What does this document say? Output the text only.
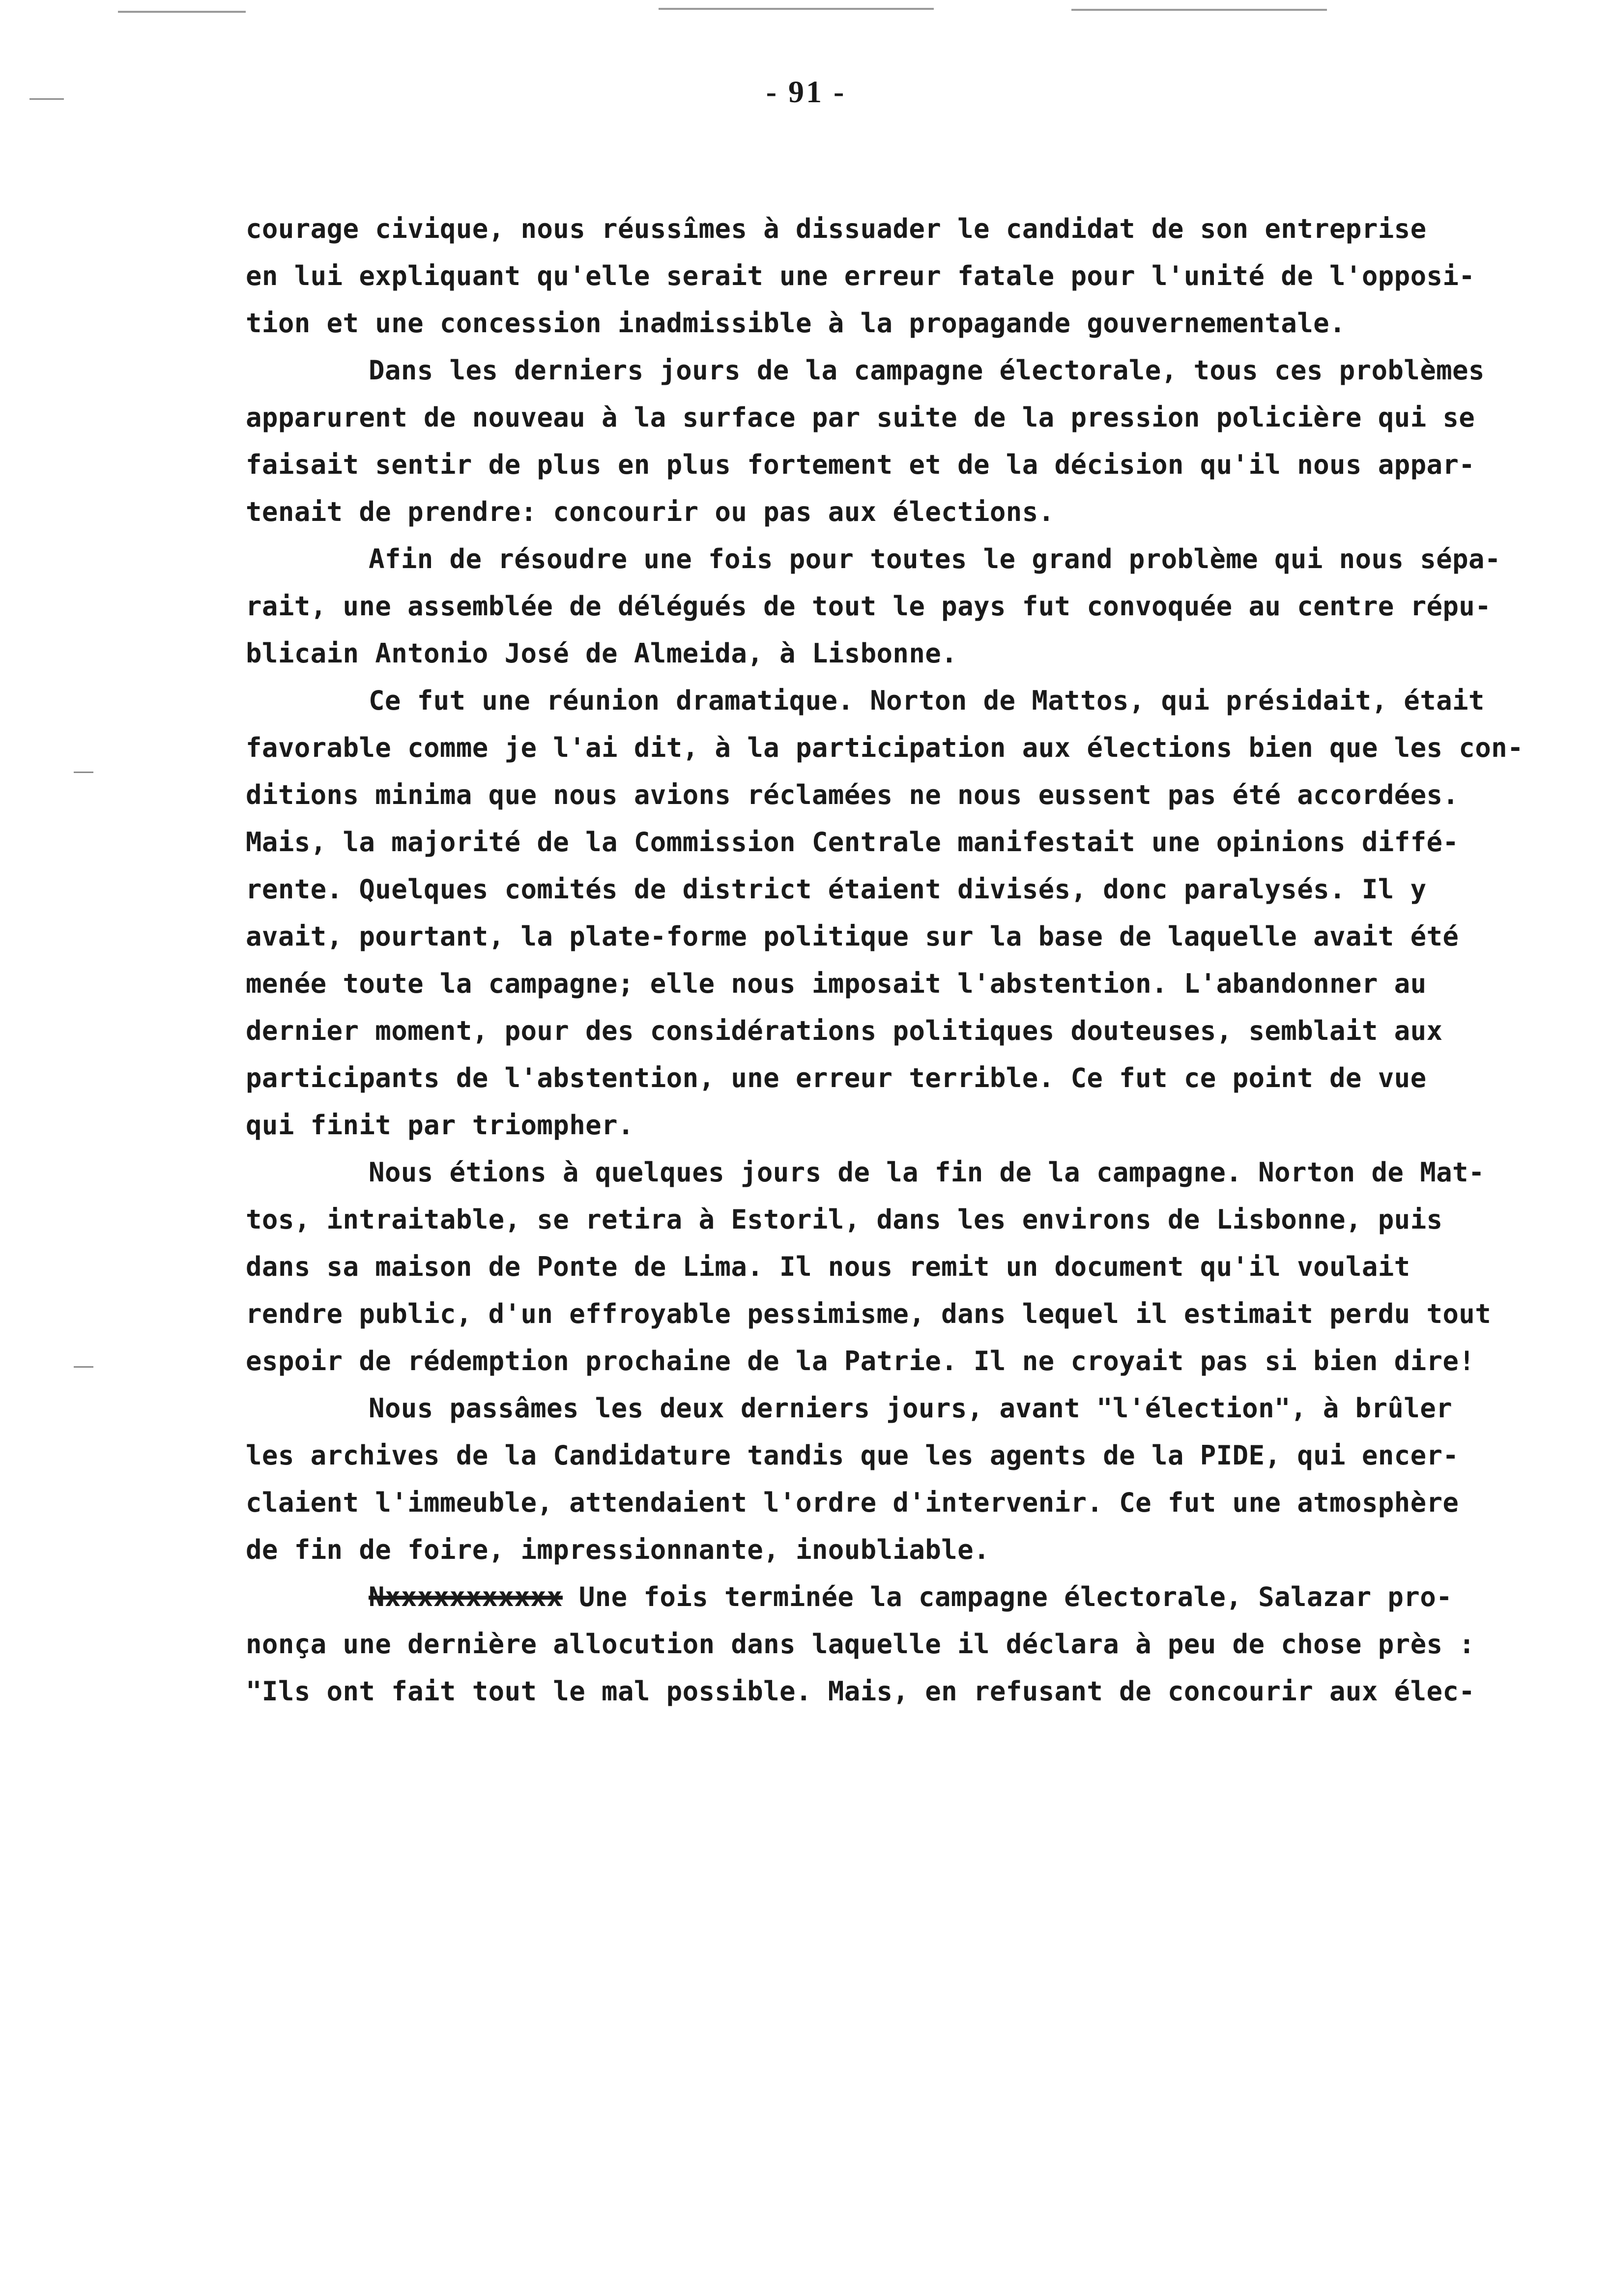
- 91 -
courage civique, nous réussîmes à dissuader le candidat de son entreprise
en lui expliquant qu'elle serait une erreur fatale pour l'unité de l'opposi-
tion et une concession inadmissible à la propagande gouvernementale.
Dans les derniers jours de la campagne électorale, tous ces problèmes
apparurent de nouveau à la surface par suite de la pression policière qui se
faisait sentir de plus en plus fortement et de la décision qu'il nous appar-
tenait de prendre: concourir ou pas aux élections.
Afin de résoudre une fois pour toutes le grand problème qui nous sépa-
rait, une assemblée de délégués de tout le pays fut convoquée au centre répu-
blicain Antonio José de Almeida, à Lisbonne.
Ce fut une réunion dramatique. Norton de Mattos, qui présidait, était
favorable comme je l'ai dit, à la participation aux élections bien que les con-
ditions minima que nous avions réclamées ne nous eussent pas été accordées.
Mais, la majorité de la Commission Centrale manifestait une opinions diffé-
rente. Quelques comités de district étaient divisés, donc paralysés. Il y
avait, pourtant, la plate-forme politique sur la base de laquelle avait été
menée toute la campagne; elle nous imposait l'abstention. L'abandonner au
dernier moment, pour des considérations politiques douteuses, semblait aux
participants de l'abstention, une erreur terrible. Ce fut ce point de vue
qui finit par triompher.
Nous étions à quelques jours de la fin de la campagne. Norton de Mat-
tos, intraitable, se retira à Estoril, dans les environs de Lisbonne, puis
dans sa maison de Ponte de Lima. Il nous remit un document qu'il voulait
rendre public, d'un effroyable pessimisme, dans lequel il estimait perdu tout
espoir de rédemption prochaine de la Patrie. Il ne croyait pas si bien dire!
Nous passâmes les deux derniers jours, avant "l'élection", à brûler
les archives de la Candidature tandis que les agents de la PIDE, qui encer-
claient l'immeuble, attendaient l'ordre d'intervenir. Ce fut une atmosphère
de fin de foire, impressionnante, inoubliable.
Nxxxxxxxxxxx Une fois terminée la campagne électorale, Salazar pro-
nonça une dernière allocution dans laquelle il déclara à peu de chose près :
"Ils ont fait tout le mal possible. Mais, en refusant de concourir aux élec-
